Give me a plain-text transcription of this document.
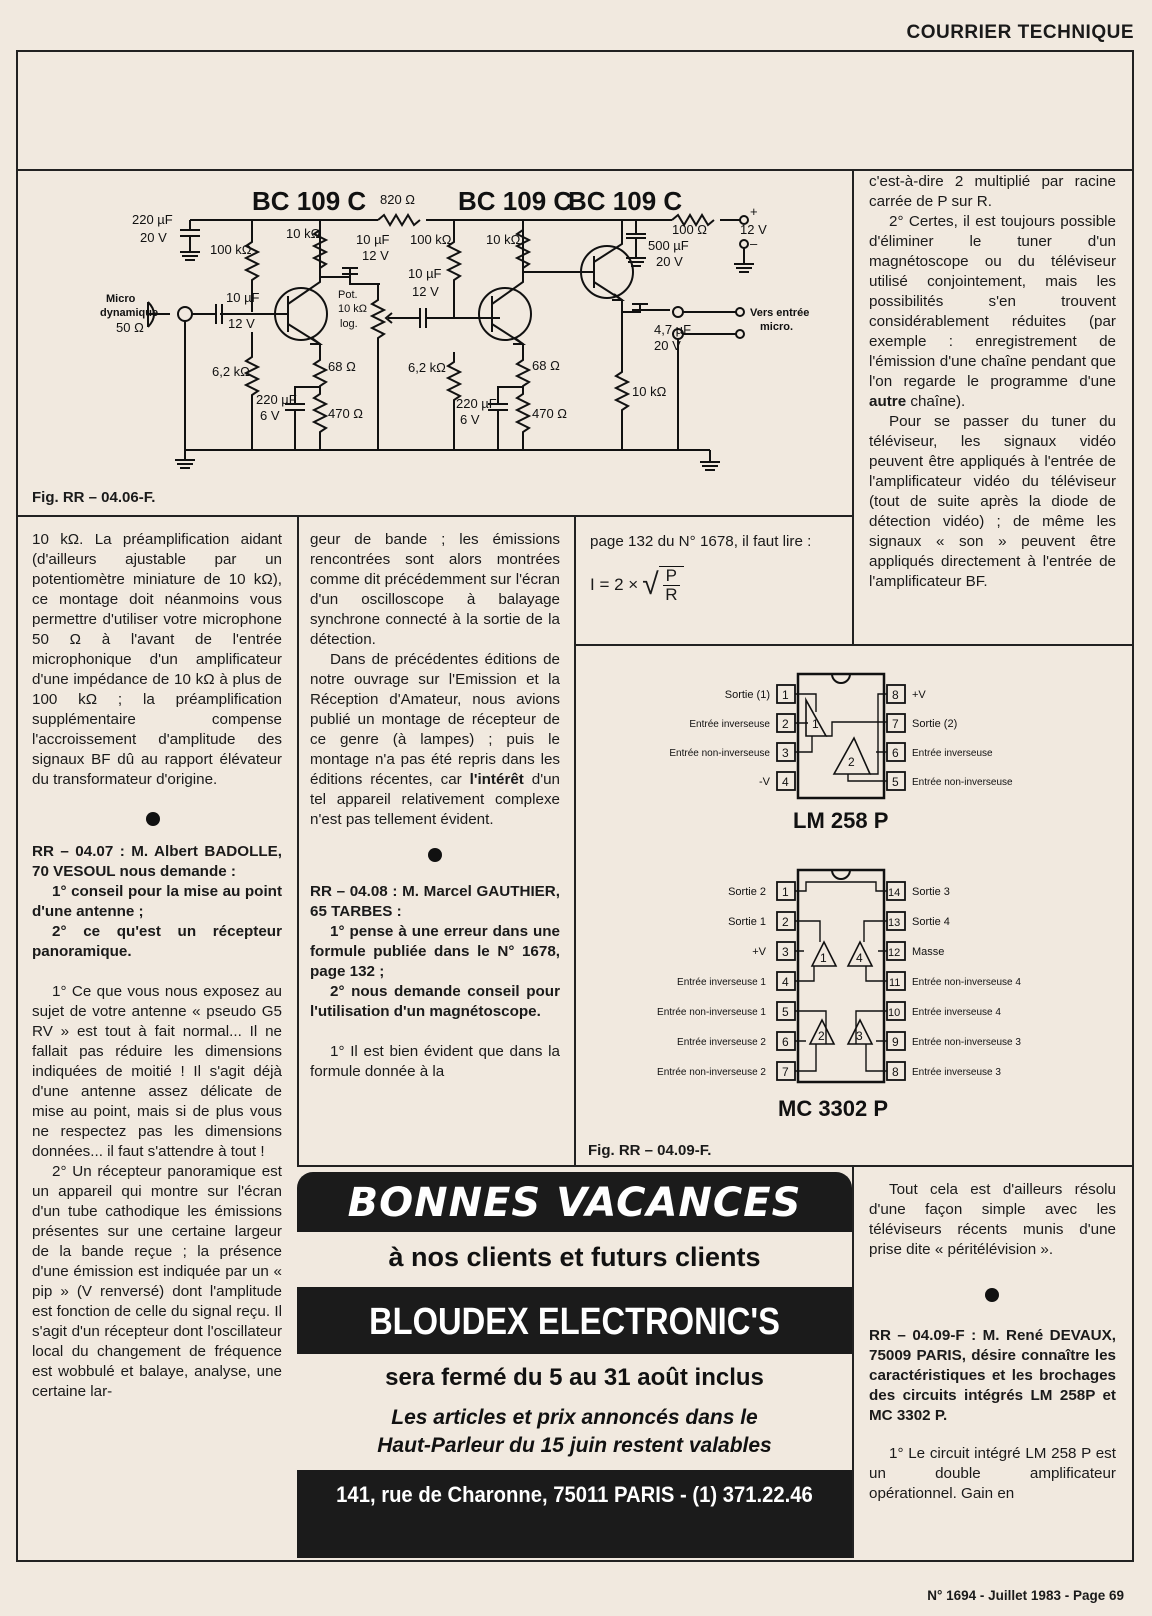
COURRIER TECHNIQUE
BC 109 C	BC 109 C
BC 109 C
220 µF
20 V
100 kΩ
10 kΩ
Micro
dynamique
50 Ω
10 µF
12 V
6,2 kΩ
220 µF
6 V
68 Ω
470 Ω
820 Ω
10 µF
12 V
Pot.
10 kΩ
log.
100 kΩ
10 µF
12 V
10 kΩ
6,2 kΩ
220 µF
6 V
68 Ω
470 Ω
100 Ω
500 µF
20 V
+
12 V
–
Vers entrée
micro.
4,7 µF
20 V
10 kΩ
Fig. RR – 04.06-F.

10 kΩ. La préamplification aidant (d'ailleurs ajustable par un potentiomètre miniature de 10 kΩ), ce montage doit néanmoins vous permettre d'utiliser votre microphone 50 Ω à l'avant de l'entrée microphonique d'un amplificateur d'une impédance de 10 kΩ à plus de 100 kΩ ; la préamplification supplémentaire compense l'accroissement d'amplitude des signaux BF dû au rapport élévateur du transformateur d'origine.

RR – 04.07 : M. Albert BADOLLE, 70 VESOUL nous demande :

1° conseil pour la mise au point d'une antenne ;

2° ce qu'est un récepteur panoramique.

1° Ce que vous nous exposez au sujet de votre antenne « pseudo G5 RV » est tout à fait normal... Il ne fallait pas réduire les dimensions indiquées de moitié ! Il s'agit déjà d'une antenne assez délicate de mise au point, mais si de plus vous ne respectez pas les dimensions données... il faut s'attendre à tout !

2° Un récepteur panoramique est un appareil qui montre sur l'écran d'un tube cathodique les émissions présentes sur une certaine largeur de la bande reçue ; la présence d'une émission est indiquée par un « pip » (V renversé) dont l'amplitude est fonction de celle du signal reçu. Il s'agit d'un récepteur dont l'oscillateur local du changement de fréquence est wobbulé et balaye, analyse, une certaine lar-

geur de bande ; les émissions rencontrées sont alors montrées comme dit précédemment sur l'écran d'un oscilloscope à balayage synchrone connecté à la sortie de la détection.

Dans de précédentes éditions de notre ouvrage sur l'Emission et la Réception d'Amateur, nous avions publié un montage de récepteur de ce genre (à lampes) ; puis le montage n'a pas été repris dans les éditions récentes, car l'intérêt d'un tel appareil relativement complexe n'est pas tellement évident.

RR – 04.08 : M. Marcel GAUTHIER, 65 TARBES :

1° pense à une erreur dans une formule publiée dans le N° 1678, page 132 ;

2° nous demande conseil pour l'utilisation d'un magnétoscope.

1° Il est bien évident que dans la formule donnée à la

page 132 du N° 1678, il faut lire :

I = 2 × √ $\frac{P}{R}$

c'est-à-dire 2 multiplié par racine carrée de P sur R.

2° Certes, il est toujours possible d'éliminer le tuner d'un magnétoscope ou du téléviseur utilisé conjointement, mais les possibilités s'en trouvent considérablement réduites (par exemple : enregistrement de l'émission d'une chaîne pendant que l'on regarde le programme d'une autre chaîne).

Pour se passer du tuner du téléviseur, les signaux vidéo peuvent être appliqués à l'entrée de l'amplificateur vidéo du téléviseur (tout de suite après la diode de détection vidéo) ; de même les signaux « son » peuvent être appliqués directement à l'entrée de l'amplificateur BF.

1
2
1
2
3
4
8
7
6
5
Sortie (1)
Entrée inverseuse
Entrée non-inverseuse
-V
+V
Sortie (2)
Entrée inverseuse
Entrée non-inverseuse
LM 258 P
1 4
2	3
1
2
3
4
5
6
7
14
13
12
11
10
9
8
Sortie 2
Sortie 1
+V
Entrée inverseuse 1
Entrée non-inverseuse 1
Entrée inverseuse 2
Entrée non-inverseuse 2
Sortie 3
Sortie 4
Masse
Entrée non-inverseuse 4
Entrée inverseuse 4
Entrée non-inverseuse 3
Entrée inverseuse 3
MC 3302 P
Fig. RR – 04.09-F.
BONNES VACANCES
à nos clients et futurs clients
BLOUDEX ELECTRONIC'S
sera fermé du 5 au 31 août inclus
Les articles et prix annoncés dans le
Haut-Parleur du 15 juin restent valables
141, rue de Charonne, 75011 PARIS - (1) 371.22.46

Tout cela est d'ailleurs résolu d'une façon simple avec les téléviseurs récents munis d'une prise dite « péritélévision ».

RR – 04.09-F : M. René DEVAUX, 75009 PARIS, désire connaître les caractéristiques et les brochages des circuits intégrés LM 258P et MC 3302 P.

1° Le circuit intégré LM 258 P est un double amplificateur opérationnel. Gain en

N° 1694 - Juillet 1983 - Page 69
